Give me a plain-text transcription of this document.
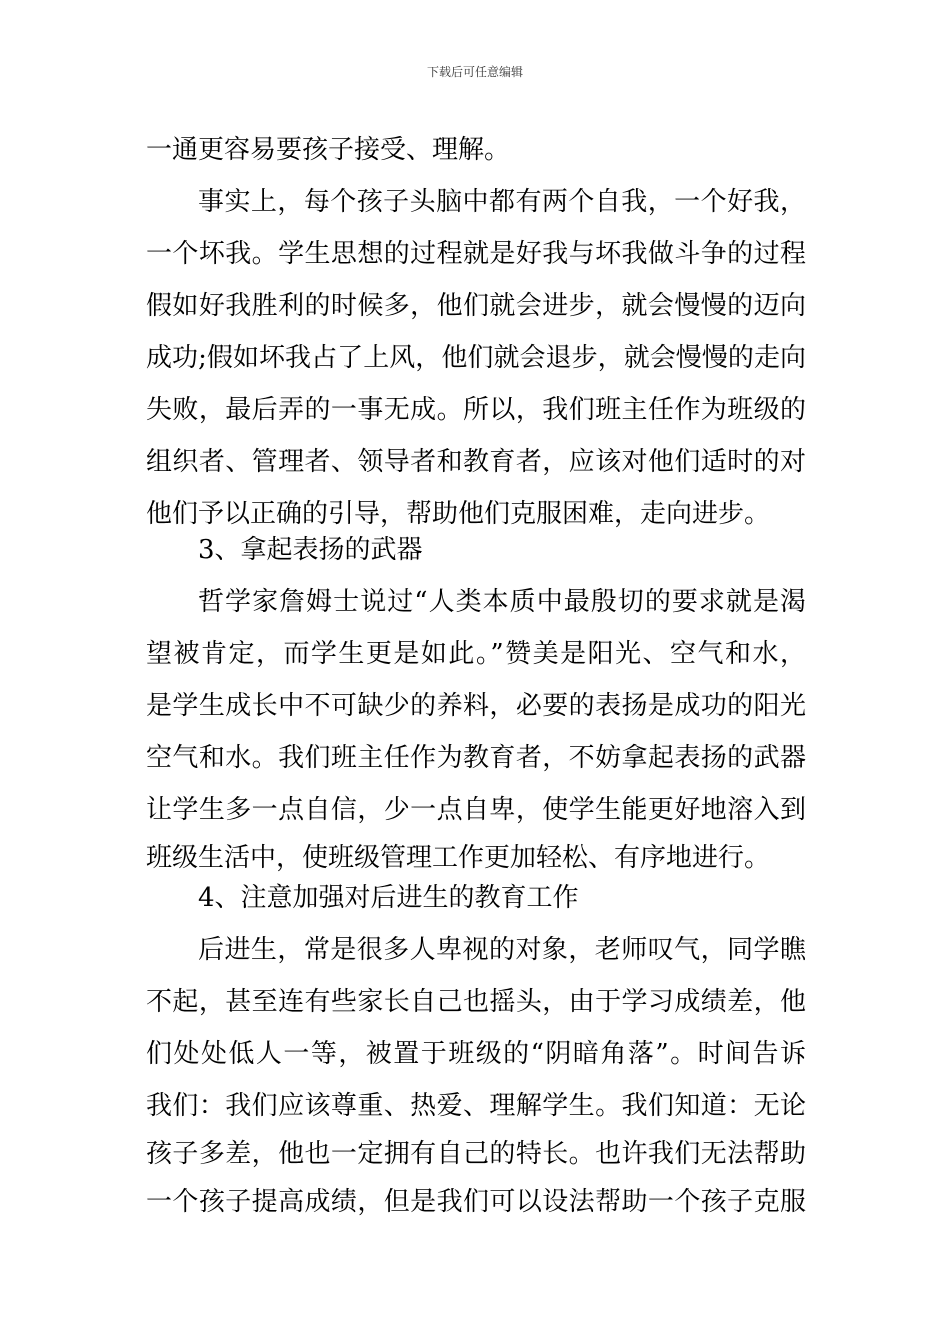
下载后可任意编辑
一通更容易要孩子接受、理解。
事实上，每个孩子头脑中都有两个自我，一个好我，
一个坏我。学生思想的过程就是好我与坏我做斗争的过程
假如好我胜利的时候多，他们就会进步，就会慢慢的迈向
成功;假如坏我占了上风，他们就会退步，就会慢慢的走向
失败，最后弄的一事无成。所以，我们班主任作为班级的
组织者、管理者、领导者和教育者，应该对他们适时的对
他们予以正确的引导，帮助他们克服困难，走向进步。
3、拿起表扬的武器
哲学家詹姆士说过“人类本质中最殷切的要求就是渴
望被肯定，而学生更是如此。”赞美是阳光、空气和水，
是学生成长中不可缺少的养料，必要的表扬是成功的阳光
空气和水。我们班主任作为教育者，不妨拿起表扬的武器
让学生多一点自信，少一点自卑，使学生能更好地溶入到
班级生活中，使班级管理工作更加轻松、有序地进行。
4、注意加强对后进生的教育工作
后进生，常是很多人卑视的对象，老师叹气，同学瞧
不起，甚至连有些家长自己也摇头，由于学习成绩差，他
们处处低人一等，被置于班级的“阴暗角落”。时间告诉
我们：我们应该尊重、热爱、理解学生。我们知道：无论
孩子多差，他也一定拥有自己的特长。也许我们无法帮助
一个孩子提高成绩，但是我们可以设法帮助一个孩子克服
